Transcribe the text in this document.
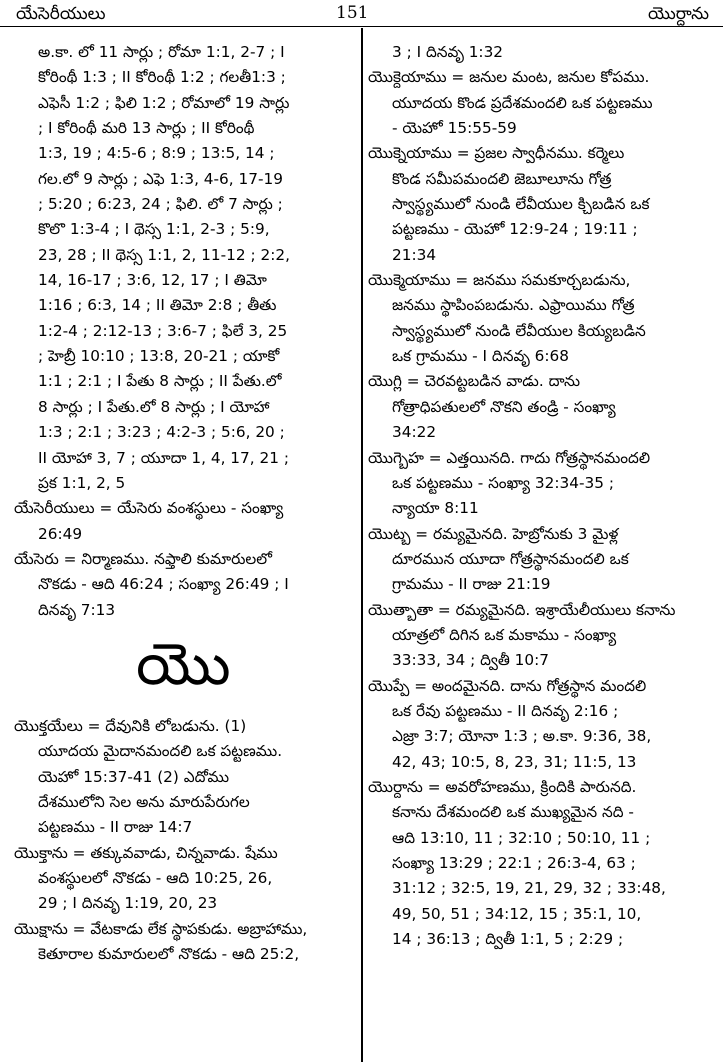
యేసెరీయులు	151	యొర్దాను
అ.కా. లో 11 సార్లు ; రోమా 1:1, 2-7 ; I
కోరింథీ 1:3 ; II కోరింథీ 1:2 ; గలతీ1:3 ;
ఎఫెసీ 1:2 ; ఫిలి 1:2 ; రోమాలో 19 సార్లు
; I కోరింథీ మరి 13 సార్లు ; II కోరింథీ
1:3, 19 ; 4:5-6 ; 8:9 ; 13:5, 14 ;
గల.లో 9 సార్లు ; ఎఫె 1:3, 4-6, 17-19
; 5:20 ; 6:23, 24 ; ఫిలి. లో 7 సార్లు ;
కొలొ 1:3-4 ; I థెస్స 1:1, 2-3 ; 5:9,
23, 28 ; II థెస్స 1:1, 2, 11-12 ; 2:2,
14, 16-17 ; 3:6, 12, 17 ; I తిమో
1:16 ; 6:3, 14 ; II తిమో 2:8 ; తీతు
1:2-4 ; 2:12-13 ; 3:6-7 ; ఫిలే 3, 25
; హెబ్రీ 10:10 ; 13:8, 20-21 ; యాకో
1:1 ; 2:1 ; I పేతు 8 సార్లు ; II పేతు.లో
8 సార్లు ; I పేతు.లో 8 సార్లు ; I యోహా
1:3 ; 2:1 ; 3:23 ; 4:2-3 ; 5:6, 20 ;
II యోహా 3, 7 ; యూదా 1, 4, 17, 21 ;
ప్రక 1:1, 2, 5
యేసెరీయులు = యేసెరు వంశస్థులు - సంఖ్యా
26:49
యేసెరు = నిర్మాణము. నఫ్తాలి కుమారులలో
నొకడు - ఆది 46:24 ; సంఖ్యా 26:49 ; I
దినవృ 7:13
యొ
యొక్తయేలు = దేవునికి లోబడును. (1)
యూదయ మైదానమందలి ఒక పట్టణము.
యెహో 15:37-41 (2) ఎదోము
దేశములోని సెల అను మారుపేరుగల
పట్టణము - II రాజు 14:7
యొక్తాను = తక్కువవాడు, చిన్నవాడు. షేము
వంశస్థులలో నొకడు - ఆది 10:25, 26,
29 ; I దినవృ 1:19, 20, 23
యొక్షాను = వేటకాడు లేక స్థాపకుడు. అబ్రాహాము,
కెతూరాల కుమారులలో నొకడు - ఆది 25:2,
3 ; I దినవృ 1:32
యొక్దెయాము = జనుల మంట, జనుల కోపము.
యూదయ కొండ ప్రదేశమందలి ఒక పట్టణము
- యెహో 15:55-59
యొక్నెయాము = ప్రజల స్వాధీనము. కర్మెలు
కొండ సమీపమందలి జెబూలూను గోత్ర
స్వాస్థ్యములో నుండి లేవీయుల క్చిబడిన ఒక
పట్టణము - యెహో 12:9-24 ; 19:11 ;
21:34
యొక్మెయాము = జనము సమకూర్చబడును,
జనము స్థాపింపబడును. ఎఫ్రాయిము గోత్ర
స్వాస్థ్యములో నుండి లేవీయుల కియ్యబడిన
ఒక గ్రామము - I దినవృ 6:68
యొగ్లి = చెరవట్టబడిన వాడు. దాను
గోత్రాధిపతులలో నొకని తండ్రి - సంఖ్యా
34:22
యొగ్బెహ = ఎత్తయినది. గాదు గోత్రస్థానమందలి
ఒక పట్టణము - సంఖ్యా 32:34-35 ;
న్యాయా 8:11
యొట్బ = రమ్యమైనది. హెబ్రోనుకు 3 మైళ్ల
దూరమున యూదా గోత్రస్థానమందలి ఒక
గ్రామము - II రాజు 21:19
యొత్బాతా = రమ్యమైనది. ఇశ్రాయేలీయులు కనాను
యాత్రలో దిగిన ఒక మకాము - సంఖ్యా
33:33, 34 ; ద్వితీ 10:7
యొప్పే = అందమైనది. దాను గోత్రస్థాన మందలి
ఒక రేవు పట్టణము - II దినవృ 2:16 ;
ఎజ్రా 3:7; యోనా 1:3 ; అ.కా. 9:36, 38,
42, 43; 10:5, 8, 23, 31; 11:5, 13
యొర్దాను = అవరోహణము, క్రిందికి పారునది.
కనాను దేశమందలి ఒక ముఖ్యమైన నది -
ఆది 13:10, 11 ; 32:10 ; 50:10, 11 ;
సంఖ్యా 13:29 ; 22:1 ; 26:3-4, 63 ;
31:12 ; 32:5, 19, 21, 29, 32 ; 33:48,
49, 50, 51 ; 34:12, 15 ; 35:1, 10,
14 ; 36:13 ; ద్వితీ 1:1, 5 ; 2:29 ;
